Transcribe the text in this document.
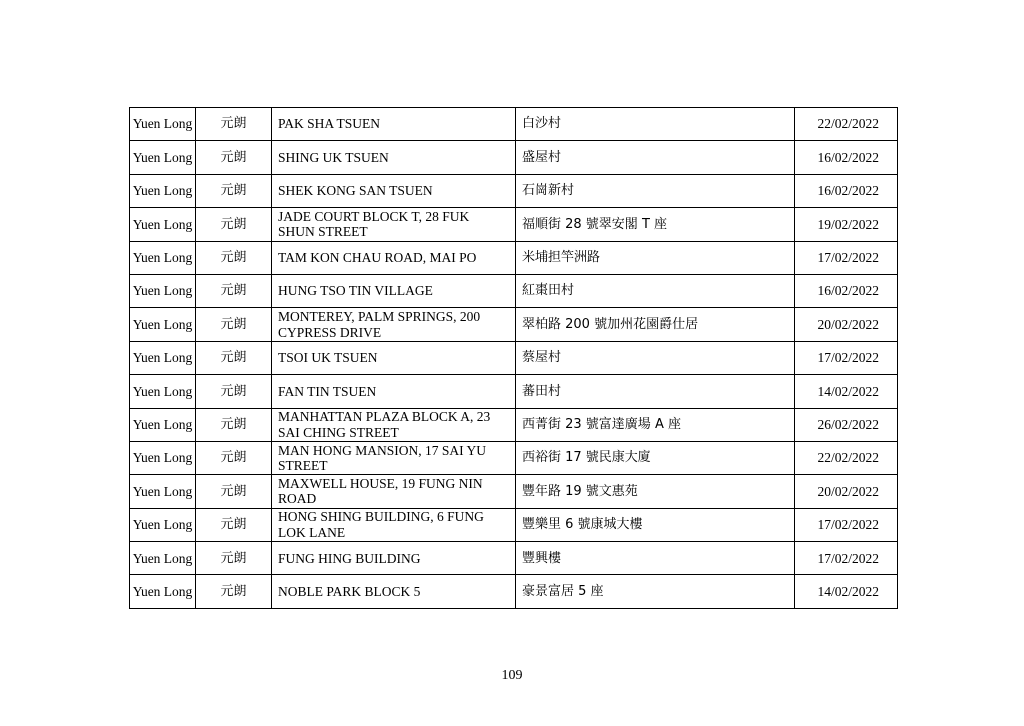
Yuen Long	元朗	PAK SHA TSUEN	白沙村	22/02/2022
Yuen Long	元朗	SHING UK TSUEN	盛屋村	16/02/2022
Yuen Long	元朗	SHEK KONG SAN TSUEN	石崗新村	16/02/2022
Yuen Long	元朗	JADE COURT BLOCK T, 28 FUK SHUN STREET	福順街 28 號翠安閣 T 座	19/02/2022
Yuen Long	元朗	TAM KON CHAU ROAD, MAI PO	米埔担竿洲路	17/02/2022
Yuen Long	元朗	HUNG TSO TIN VILLAGE	紅棗田村	16/02/2022
Yuen Long	元朗	MONTEREY, PALM SPRINGS, 200 CYPRESS DRIVE	翠柏路 200 號加州花園爵仕居	20/02/2022
Yuen Long	元朗	TSOI UK TSUEN	蔡屋村	17/02/2022
Yuen Long	元朗	FAN TIN TSUEN	蕃田村	14/02/2022
Yuen Long	元朗	MANHATTAN PLAZA BLOCK A, 23 SAI CHING STREET	西菁街 23 號富達廣場 A 座	26/02/2022
Yuen Long	元朗	MAN HONG MANSION, 17 SAI YU STREET	西裕街 17 號民康大廈	22/02/2022
Yuen Long	元朗	MAXWELL HOUSE, 19 FUNG NIN ROAD	豐年路 19 號文惠苑	20/02/2022
Yuen Long	元朗	HONG SHING BUILDING, 6 FUNG LOK LANE	豐樂里 6 號康城大樓	17/02/2022
Yuen Long	元朗	FUNG HING BUILDING	豐興樓	17/02/2022
Yuen Long	元朗	NOBLE PARK BLOCK 5	豪景富居 5 座	14/02/2022
109
